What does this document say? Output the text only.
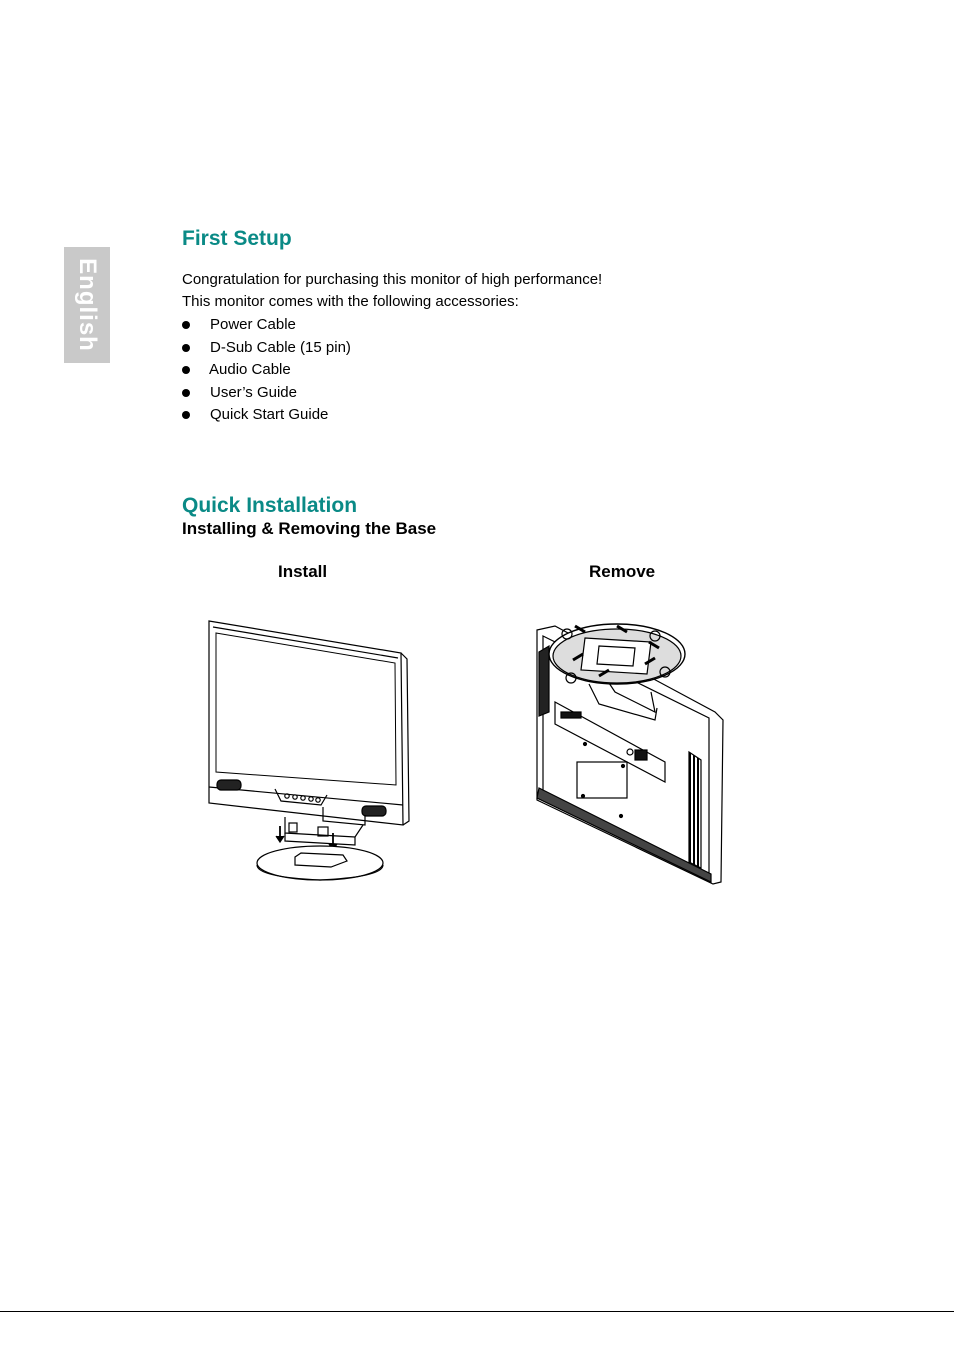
English
First Setup
Congratulation for purchasing this monitor of high performance!
This monitor comes with the following accessories:
Power Cable
D-Sub Cable (15 pin)
Audio Cable
User’s Guide
Quick Start Guide
Quick Installation
Installing & Removing the Base
Install	Remove
